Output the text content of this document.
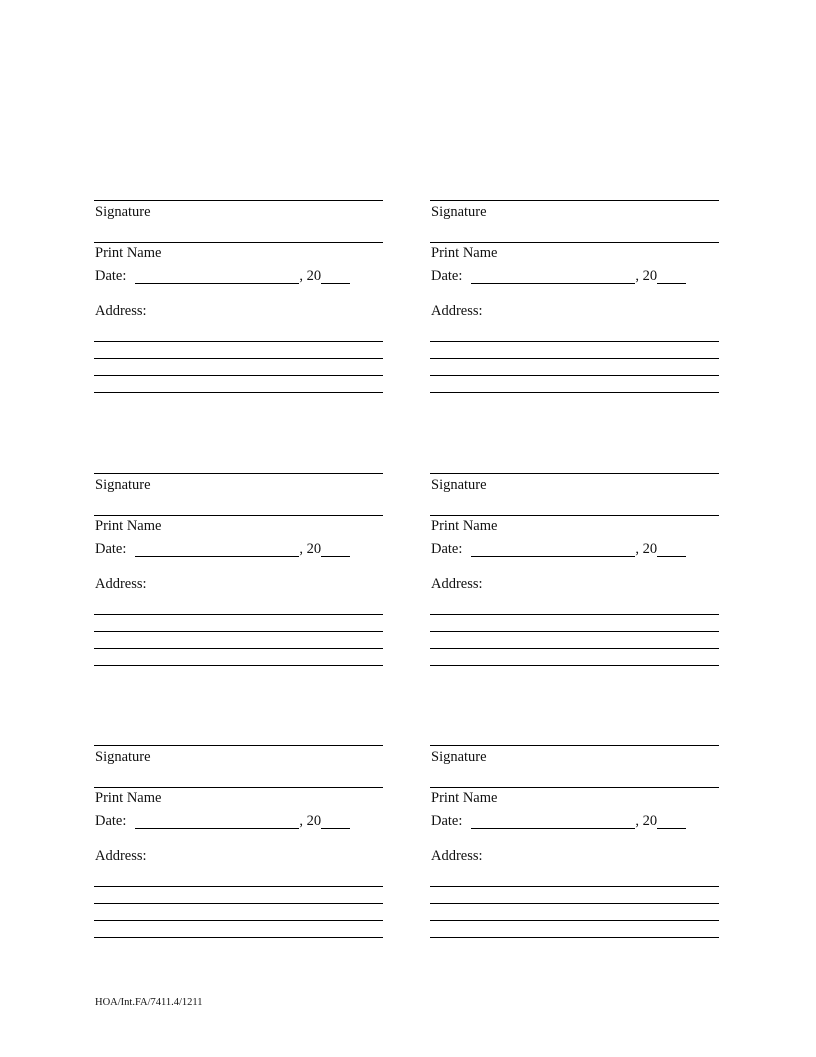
Signature
Print Name
Date:	, 20
Address:
Signature
Print Name
Date:	, 20
Address:
Signature
Print Name
Date:	, 20
Address:
Signature
Print Name
Date:	, 20
Address:
Signature
Print Name
Date:	, 20
Address:
Signature
Print Name
Date:	, 20
Address:
HOA/Int.FA/7411.4/1211
